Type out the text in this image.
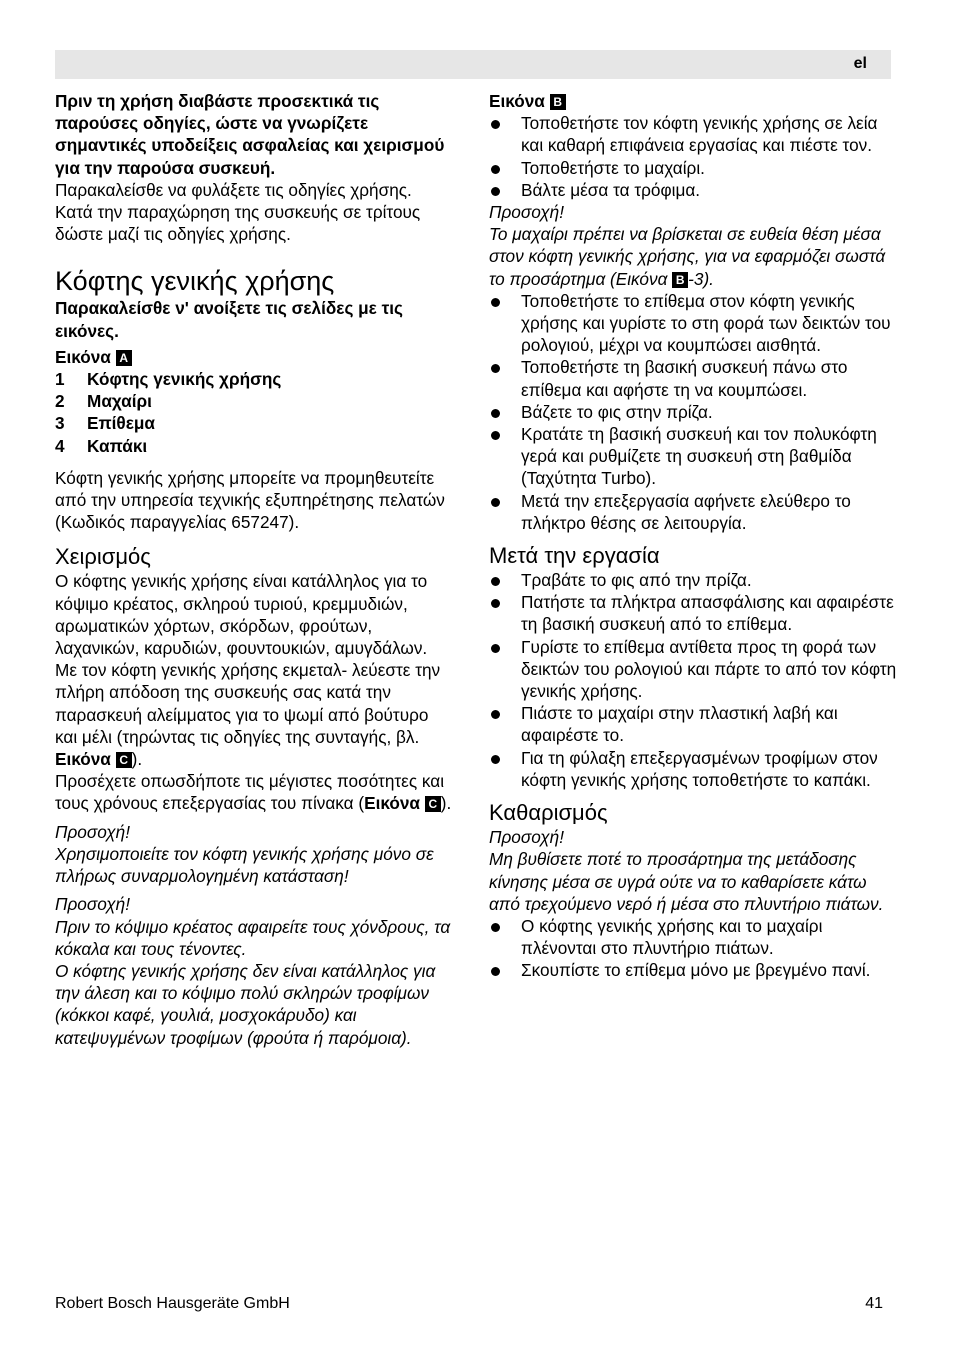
el

Πριν τη χρήση διαβάστε προσεκτικά τις παρούσες οδηγίες, ώστε να γνωρίζετε σημαντικές υποδείξεις ασφαλείας και χειρισμού για την παρούσα συσκευή.

Παρακαλείσθε να φυλάξετε τις οδηγίες χρήσης.

Κατά την παραχώρηση της συσκευής σε τρίτους δώστε μαζί τις οδηγίες χρήσης.

Κόφτης γενικής χρήσης

Παρακαλείσθε ν' ανοίξετε τις σελίδες με τις εικόνες.

Εικόνα A

1 Κόφτης γενικής χρήσης
2 Μαχαίρι
3 Επίθεμα
4 Καπάκι

Κόφτη γενικής χρήσης μπορείτε να προμηθευτείτε από την υπηρεσία τεχνικής εξυπηρέτησης πελατών (Κωδικός παραγγελίας 657247).

Χειρισμός

Ο κόφτης γενικής χρήσης είναι κατάλληλος για το κόψιμο κρέατος, σκληρού τυριού, κρεμμυδιών, αρωματικών χόρτων, σκόρδων, φρούτων, λαχανικών, καρυδιών, φουντουκιών, αμυγδάλων.

Με τον κόφτη γενικής χρήσης εκμεταλ- λεύεστε την πλήρη απόδοση της συσκευής σας κατά την παρασκευή αλείμματος για το ψωμί από βούτυρο και μέλι (τηρώντας τις οδηγίες της συνταγής, βλ. Εικόνα C ).

Προσέχετε οπωσδήποτε τις μέγιστες ποσότητες και τους χρόνους επεξεργασίας του πίνακα (Εικόνα C ).

Προσοχή!

Χρησιμοποιείτε τον κόφτη γενικής χρήσης μόνο σε πλήρως συναρμολογημένη κατάσταση!

Προσοχή!

Πριν το κόψιμο κρέατος αφαιρείτε τους χόνδρους, τα κόκαλα και τους τένοντες.

Ο κόφτης γενικής χρήσης δεν είναι κατάλληλος για την άλεση και το κόψιμο πολύ σκληρών τροφίμων (κόκκοι καφέ, γουλιά, μοσχοκάρυδο) και κατεψυγμένων τροφίμων (φρούτα ή παρόμοια).

Εικόνα B

Τοποθετήστε τον κόφτη γενικής χρήσης σε λεία και καθαρή επιφάνεια εργασίας και πιέστε τον.
Τοποθετήστε το μαχαίρι.
Βάλτε μέσα τα τρόφιμα.

Προσοχή!

Το μαχαίρι πρέπει να βρίσκεται σε ευθεία θέση μέσα στον κόφτη γενικής χρήσης, για να εφαρμόζει σωστά το προσάρτημα (Εικόνα B -3).

Τοποθετήστε το επίθεμα στον κόφτη γενικής χρήσης και γυρίστε το στη φορά των δεικτών του ρολογιού, μέχρι να κουμπώσει αισθητά.
Τοποθετήστε τη βασική συσκευή πάνω στο επίθεμα και αφήστε τη να κουμπώσει.
Βάζετε το φις στην πρίζα.
Κρατάτε τη βασική συσκευή και τον πολυκόφτη γερά και ρυθμίζετε τη συσκευή στη βαθμίδα (Ταχύτητα Turbo).
Μετά την επεξεργασία αφήνετε ελεύθερο το πλήκτρο θέσης σε λειτουργία.
Μετά την εργασία
Τραβάτε το φις από την πρίζα.
Πατήστε τα πλήκτρα απασφάλισης και αφαιρέστε τη βασική συσκευή από το επίθεμα.
Γυρίστε το επίθεμα αντίθετα προς τη φορά των δεικτών του ρολογιού και πάρτε το από τον κόφτη γενικής χρήσης.
Πιάστε το μαχαίρι στην πλαστική λαβή και αφαιρέστε το.
Για τη φύλαξη επεξεργασμένων τροφίμων στον κόφτη γενικής χρήσης τοποθετήστε το καπάκι.
Καθαρισμός

Προσοχή!

Μη βυθίσετε ποτέ το προσάρτημα της μετάδοσης κίνησης μέσα σε υγρά ούτε να το καθαρίσετε κάτω από τρεχούμενο νερό ή μέσα στο πλυντήριο πιάτων.

Ο κόφτης γενικής χρήσης και το μαχαίρι πλένονται στο πλυντήριο πιάτων.
Σκουπίστε το επίθεμα μόνο με βρεγμένο πανί.
Robert Bosch Hausgeräte GmbH	41
